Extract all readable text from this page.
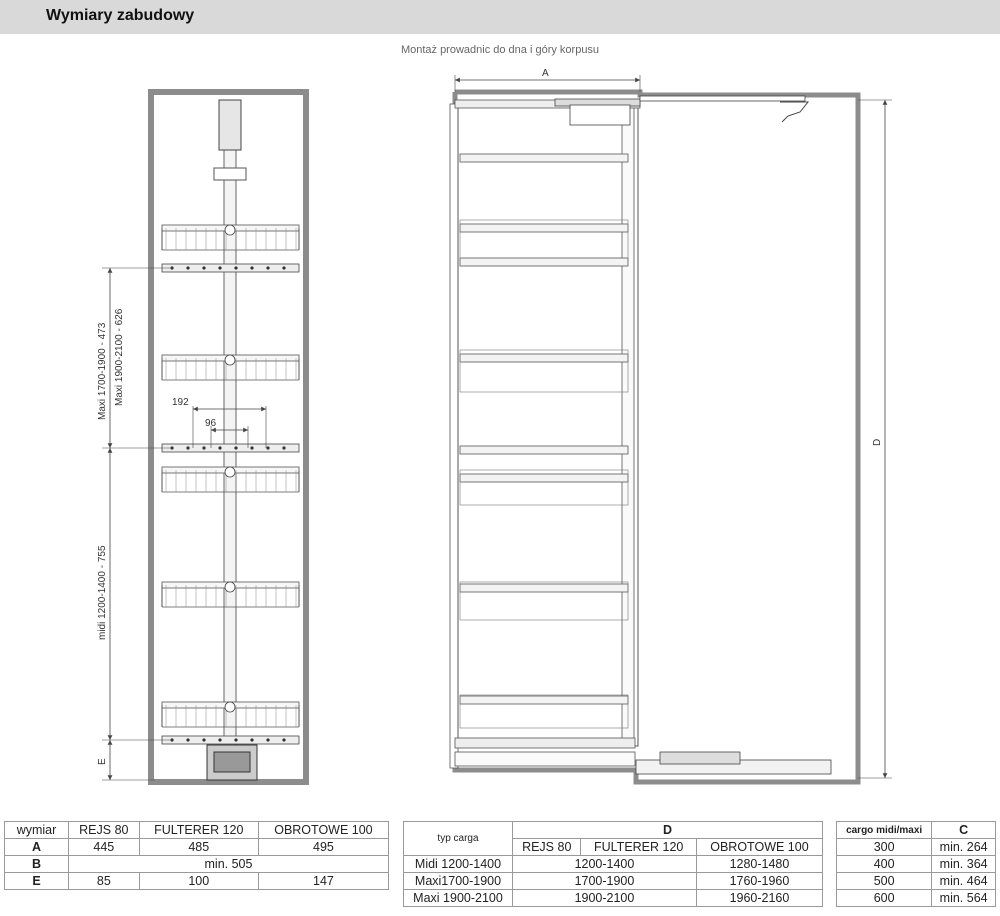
Wymiary zabudowy
Montaż prowadnic do dna i góry korpusu
Maxi 1700-1900 - 473 Maxi 1900-2100 - 626
midi 1200-1400 - 755
E
192
96
A
D
wymiar	REJS 80	FULTERER 120	OBROTOWE 100
A	445	485	495
B	min. 505		
E	85	100	147
typ carga	D		
	REJS 80	FULTERER 120	OBROTOWE 100
Midi 1200-1400	1200-1400		1280-1480
Maxi1700-1900	1700-1900		1760-1960
Maxi 1900-2100	1900-2100		1960-2160
cargo midi/maxi	C
300	min. 264
400	min. 364
500	min. 464
600	min. 564
